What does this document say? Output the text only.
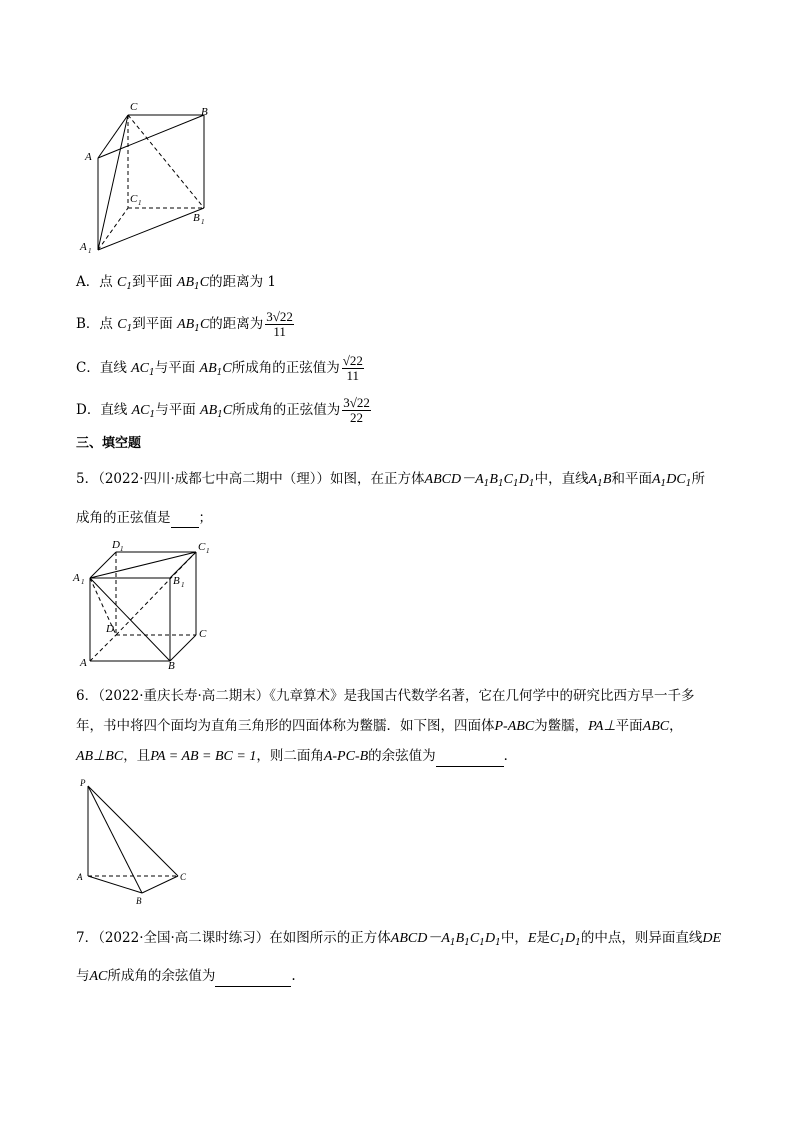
C	B
A
C 1
B 1
A 1
A．点 $C_1$到平面 $AB_1C$的距离为 1
B．点 $C_1$到平面 $AB_1C$的距离为 $\frac{3√22}{11}$
C．直线 $AC_1$与平面 $AB_1C$所成角的正弦值为 $\frac{√22}{11}$
D．直线 $AC_1$与平面 $AB_1C$所成角的正弦值为 $\frac{3√22}{22}$
三、填空题
5．（2022·四川·成都七中高二期中（理））如图，在正方体$ABCD-A_1B_1C_1D_1$中，直线$A_1B$和平面$A_1DC_1$所
成角的正弦值是 ；
D 1	C 1
A 1	B 1
D	C
A	B
6．（2022·重庆长寿·高二期末）《九章算术》是我国古代数学名著，它在几何学中的研究比西方早一千多
年，书中将四个面均为直角三角形的四面体称为鳖臑．如下图，四面体P-ABC为鳖臑，PA⊥平面ABC，
AB⊥BC，且PA = AB = BC = 1，则二面角A-PC-B的余弦值为	．
P
A	C
B
7．（2022·全国·高二课时练习）在如图所示的正方体$ABCD-A_1B_1C_1D_1$中，E是$C_1D_1$的中点，则异面直线DE
与AC所成角的余弦值为	.
